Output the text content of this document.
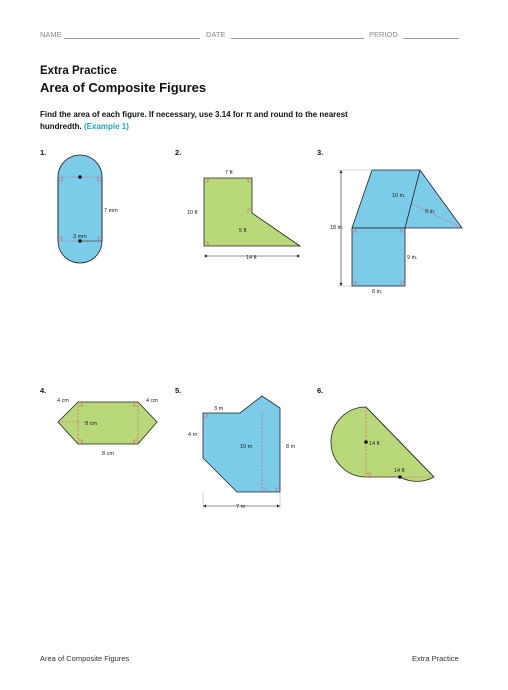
NAME	DATE	PERIOD
Extra Practice
Area of Composite Figures
Find the area of each figure. If necessary, use 3.14 for π and round to the nearest hundredth. (Example 1)
1.	2.	3.
4.	5.	6.
7 mm
3 mm
7 ft
10 ft
5 ft
14 ft
10 in.
9 in.
18 in.
9 in.
8 in.
4 cm	4 cm
8 cm
8 cm
3 m
4 m
10 m	8 m
7 m
14 ft
14 ft
Area of Composite Figures	Extra Practice
